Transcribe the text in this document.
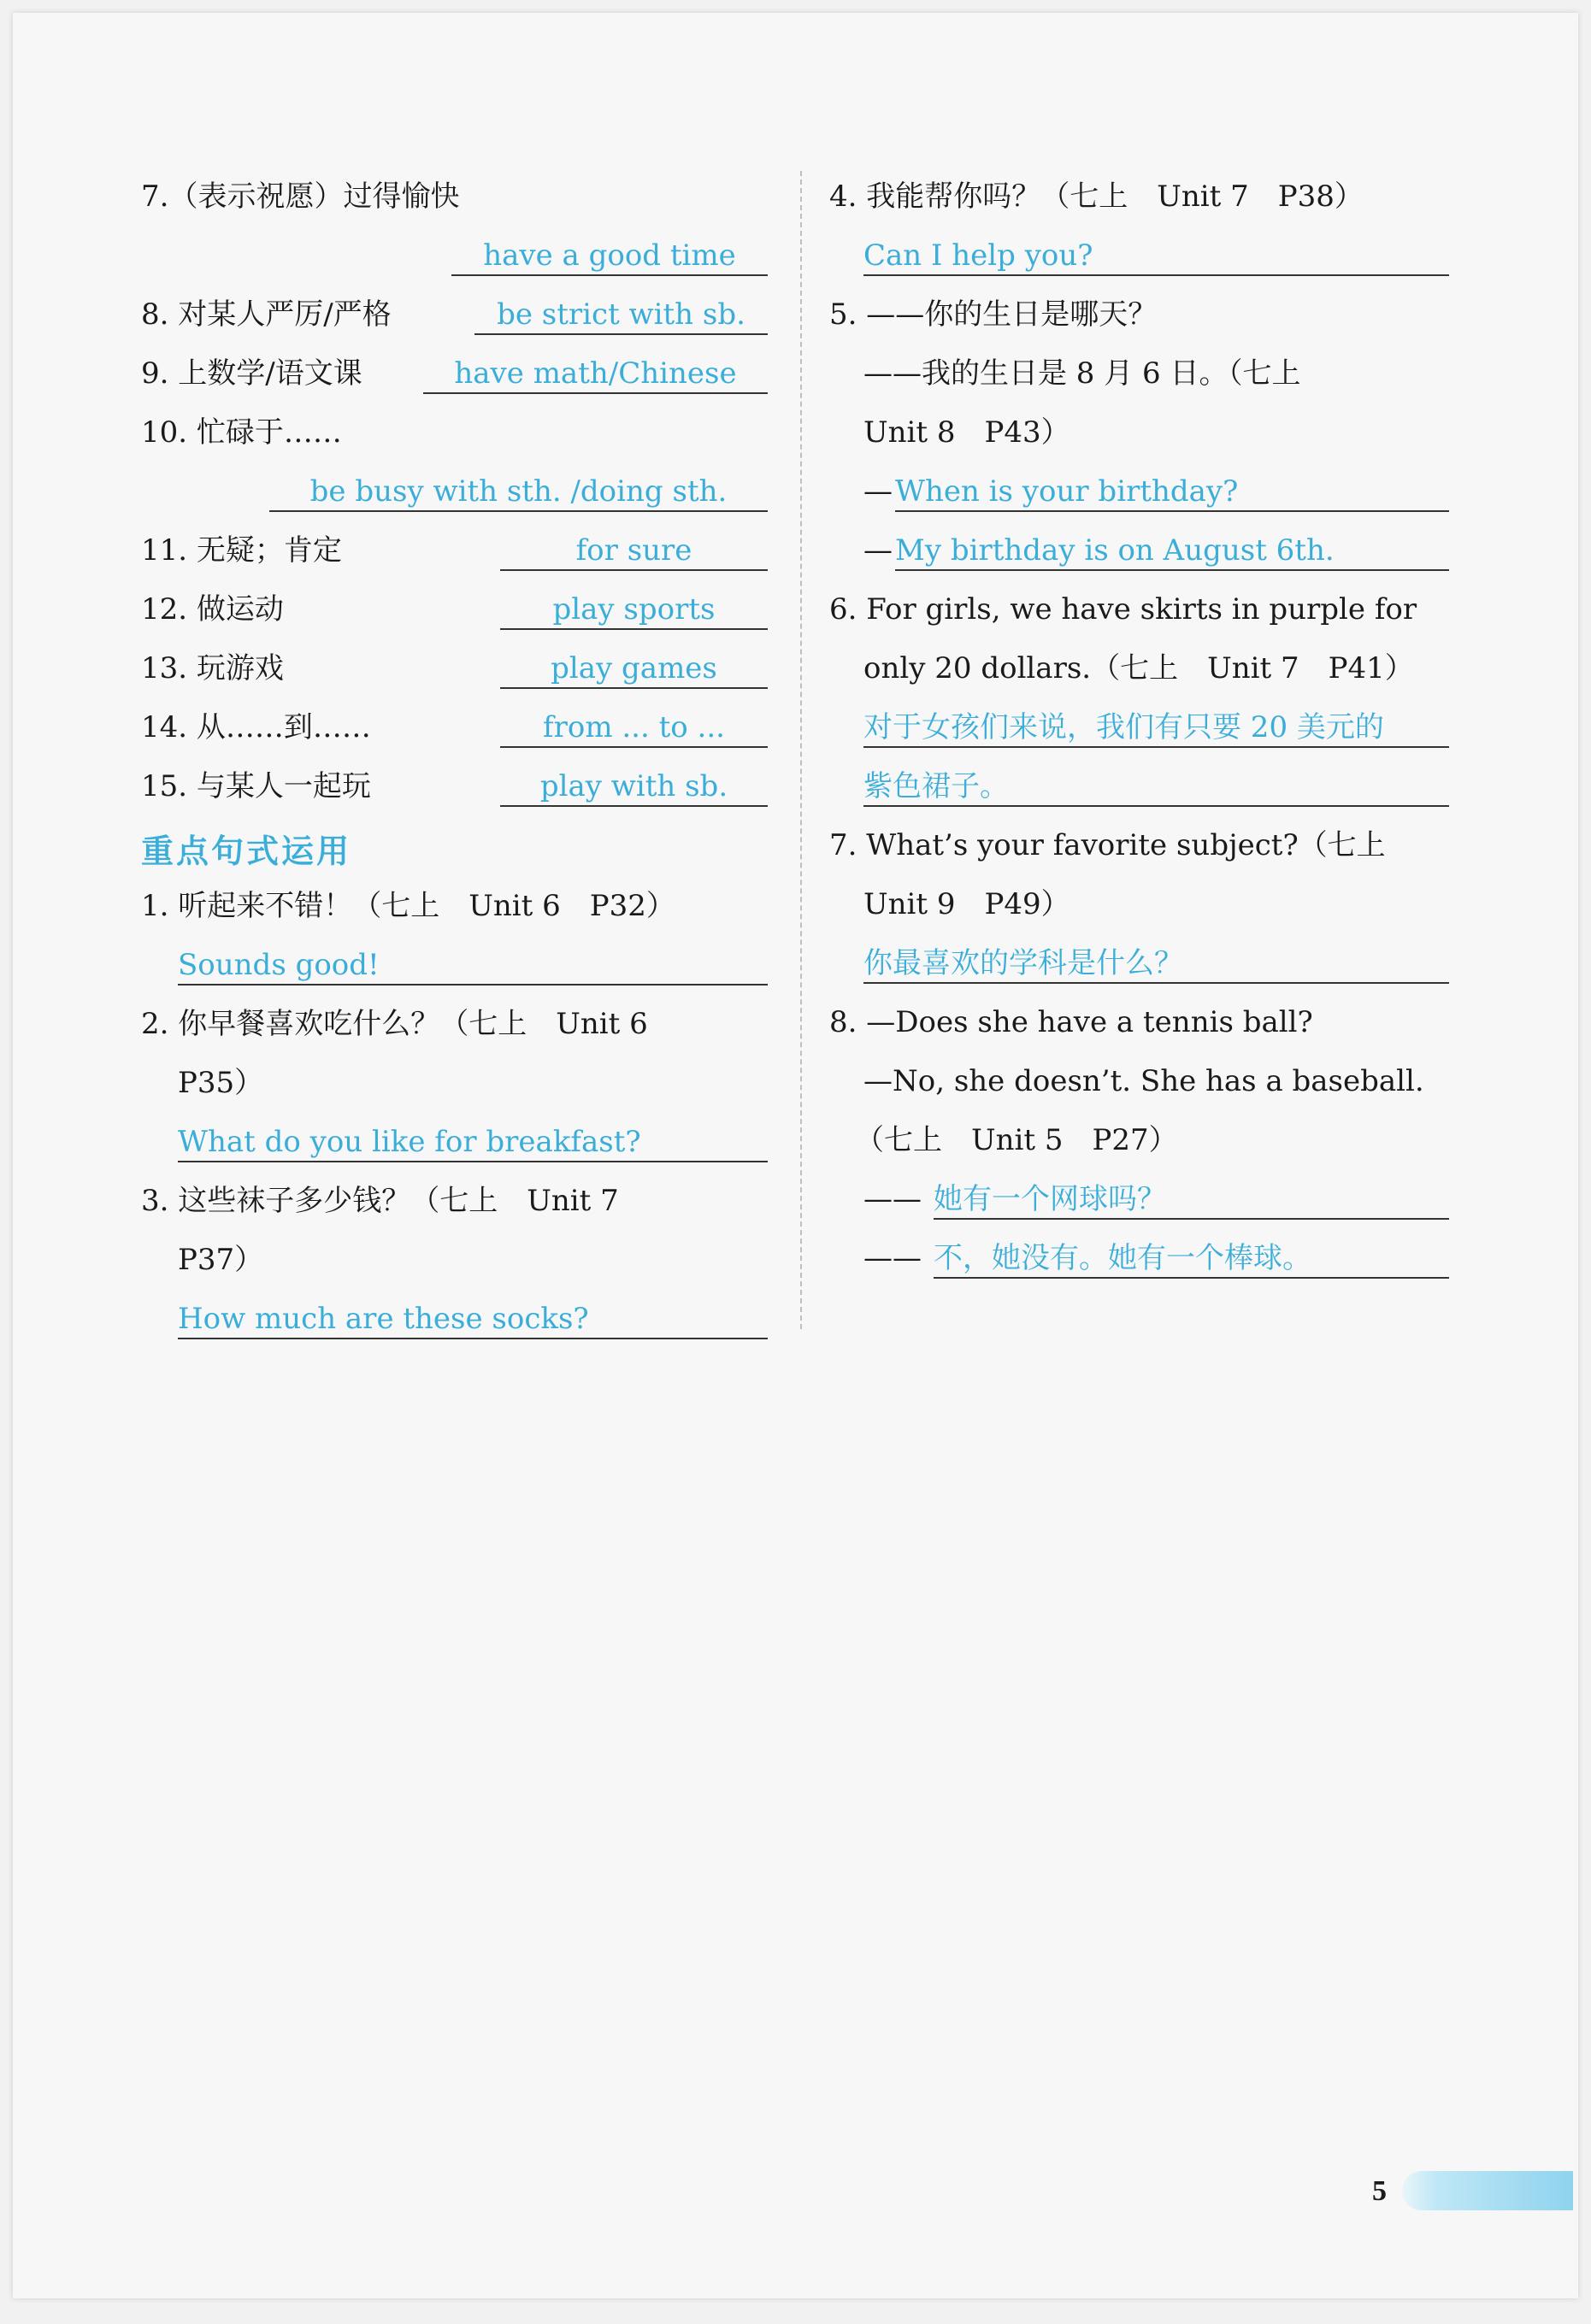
7.（表示祝愿）过得愉快
have a good time
8. 对某人严厉/严格	be strict with sb.
9. 上数学/语文课	have math/Chinese
10. 忙碌于……
be busy with sth. /doing sth.
11. 无疑；肯定	for sure
12. 做运动	play sports
13. 玩游戏	play games
14. 从……到……	from ... to ...
15. 与某人一起玩	play with sb.
重点句式运用
1. 听起来不错！（七上　Unit 6　P32）
Sounds good!
2. 你早餐喜欢吃什么？（七上　Unit 6
P35）
What do you like for breakfast?
3. 这些袜子多少钱？（七上　Unit 7
P37）
How much are these socks?
4. 我能帮你吗？（七上　Unit 7　P38）
Can I help you?
5. ——你的生日是哪天？
——我的生日是 8 月 6 日。（七上
Unit 8　P43）
— When is your birthday?
— My birthday is on August 6th.
6. For girls, we have skirts in purple for
only 20 dollars.（七上　Unit 7　P41）
对于女孩们来说，我们有只要 20 美元的
紫色裙子。
7. What’s your favorite subject?（七上
Unit 9　P49）
你最喜欢的学科是什么？
8. —Does she have a tennis ball?
—No, she doesn’t. She has a baseball.
（七上　Unit 5　P27）
—— 她有一个网球吗？
—— 不，她没有。她有一个棒球。
5
